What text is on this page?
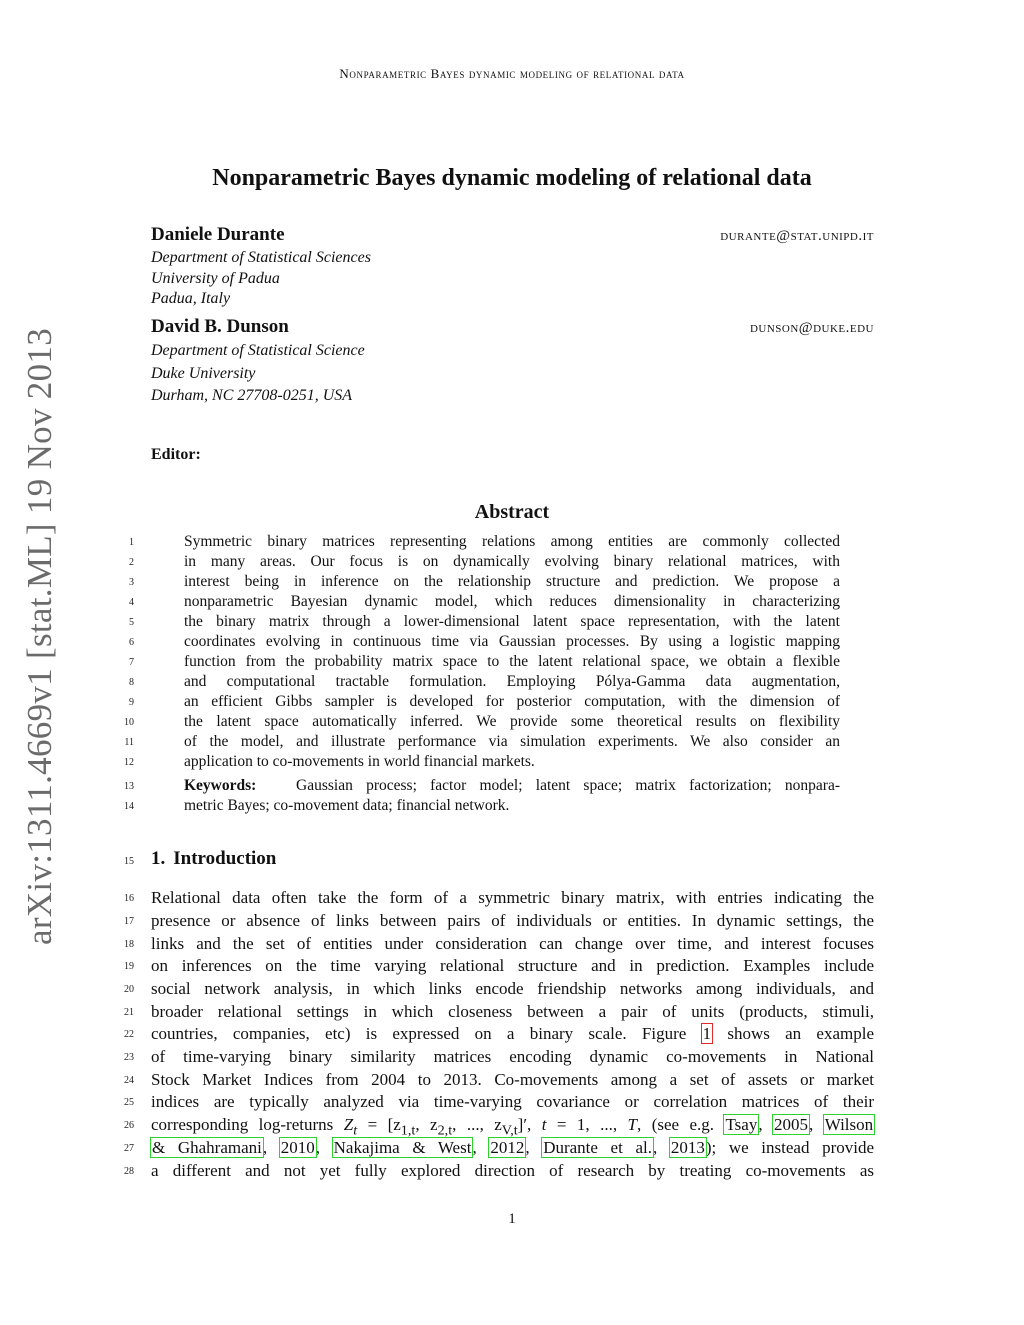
Nonparametric Bayes dynamic modeling of relational data
arXiv:1311.4669v1 [stat.ML] 19 Nov 2013
Nonparametric Bayes dynamic modeling of relational data
Daniele Durante	durante@stat.unipd.it
Department of Statistical Sciences
University of Padua
Padua, Italy
David B. Dunson	dunson@duke.edu
Department of Statistical Science
Duke University
Durham, NC 27708-0251, USA
Editor:
Abstract
1	Symmetric binary matrices representing relations among entities are commonly collected
2	in many areas. Our focus is on dynamically evolving binary relational matrices, with
3	interest being in inference on the relationship structure and prediction. We propose a
4	nonparametric Bayesian dynamic model, which reduces dimensionality in characterizing
5	the binary matrix through a lower-dimensional latent space representation, with the latent
6	coordinates evolving in continuous time via Gaussian processes. By using a logistic mapping
7	function from the probability matrix space to the latent relational space, we obtain a flexible
8	and computational tractable formulation. Employing Pólya-Gamma data augmentation,
9	an efficient Gibbs sampler is developed for posterior computation, with the dimension of
10	the latent space automatically inferred. We provide some theoretical results on flexibility
11	of the model, and illustrate performance via simulation experiments. We also consider an
12	application to co-movements in world financial markets.
13	Keywords:	Gaussian process; factor model; latent space; matrix factorization; nonpara-
14	metric Bayes; co-movement data; financial network.
15 1. Introduction
16 Relational data often take the form of a symmetric binary matrix, with entries indicating the
17 presence or absence of links between pairs of individuals or entities. In dynamic settings, the
18 links and the set of entities under consideration can change over time, and interest focuses
19 on inferences on the time varying relational structure and in prediction. Examples include
20 social network analysis, in which links encode friendship networks among individuals, and
21 broader relational settings in which closeness between a pair of units (products, stimuli,
22 countries, companies, etc) is expressed on a binary scale. Figure 1 shows an example
23 of time-varying binary similarity matrices encoding dynamic co-movements in National
24 Stock Market Indices from 2004 to 2013. Co-movements among a set of assets or market
25 indices are typically analyzed via time-varying covariance or correlation matrices of their
26 corresponding log-returns $Z_t = [z_{1,t}$, $z_{2,t}$, ..., $z_{V,t}]'$, t = 1, ..., T, (see e.g. Tsay, 2005, Wilson
27 & Ghahramani, 2010, Nakajima & West, 2012, Durante et al., 2013); we instead provide
28 a different and not yet fully explored direction of research by treating co-movements as
1
